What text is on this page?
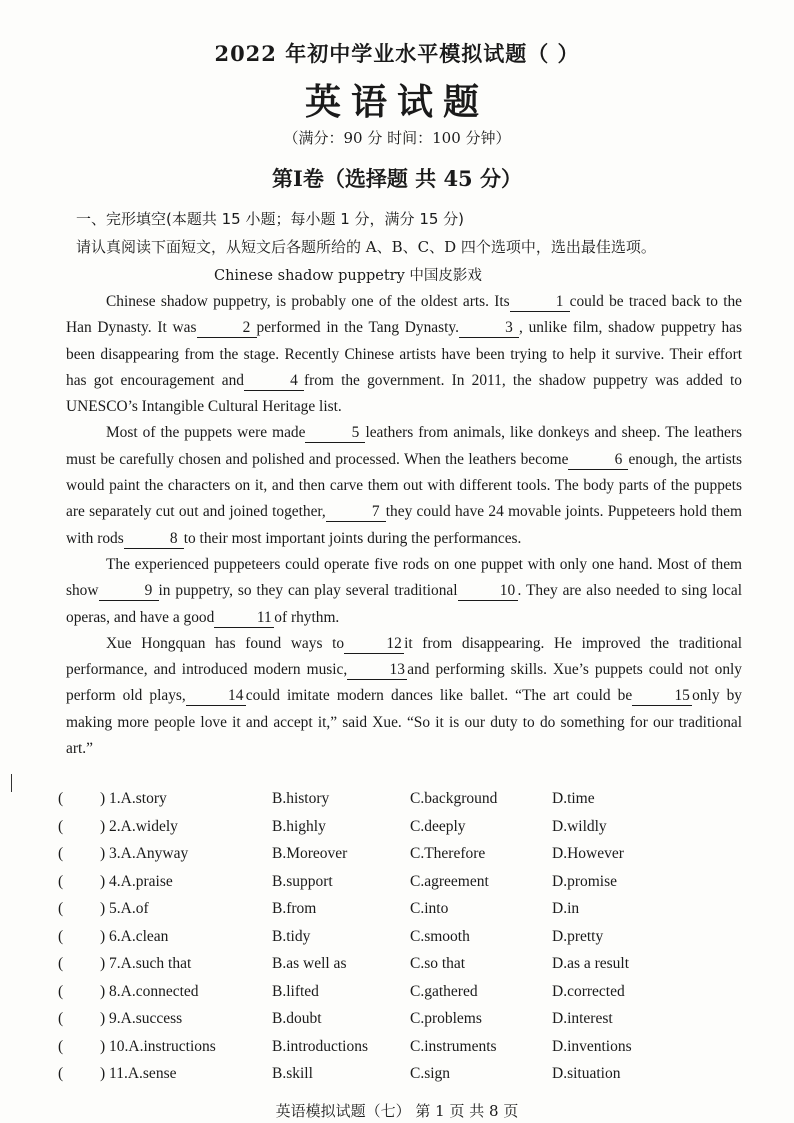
2022 年初中学业水平模拟试题（ ）
英语试题
（满分：90 分 时间：100 分钟）
第Ⅰ卷（选择题 共 45 分）
一、完形填空(本题共 15 小题；每小题 1 分，满分 15 分)
请认真阅读下面短文，从短文后各题所给的 A、B、C、D 四个选项中，选出最佳选项。
Chinese shadow puppetry 中国皮影戏

Chinese shadow puppetry, is probably one of the oldest arts. Its	1 could be traced back to the Han Dynasty. It was	2 performed in the Tang Dynasty.	3 , unlike film, shadow puppetry has been disappearing from the stage. Recently Chinese artists have been trying to help it survive. Their effort has got encouragement and	4 from the government. In 2011, the shadow puppetry was added to UNESCO’s Intangible Cultural Heritage list.

Most of the puppets were made	5 leathers from animals, like donkeys and sheep. The leathers must be carefully chosen and polished and processed. When the leathers become	6 enough, the artists would paint the characters on it, and then carve them out with different tools. The body parts of the puppets are separately cut out and joined together,	7 they could have 24 movable joints. Puppeteers hold them with rods	8 to their most important joints during the performances.

The experienced puppeteers could operate five rods on one puppet with only one hand. Most of them show	9 in puppetry, so they can play several traditional	10 . They are also needed to sing local operas, and have a good	11 of rhythm.

Xue Hongquan has found ways to	12 it from disappearing. He improved the traditional performance, and introduced modern music,	13 and performing skills. Xue’s puppets could not only perform old plays,	14 could imitate modern dances like ballet. “The art could be	15 only by making more people love it and accept it,” said Xue. “So it is our duty to do something for our traditional art.”

( ) 1.A.story	B.history	C.background	D.time
( ) 2.A.widely	B.highly	C.deeply	D.wildly
( ) 3.A.Anyway	B.Moreover	C.Therefore	D.However
( ) 4.A.praise	B.support	C.agreement	D.promise
( ) 5.A.of	B.from	C.into	D.in
( ) 6.A.clean	B.tidy	C.smooth	D.pretty
( ) 7.A.such that	B.as well as	C.so that	D.as a result
( ) 8.A.connected	B.lifted	C.gathered	D.corrected
( ) 9.A.success	B.doubt	C.problems	D.interest
( ) 10.A.instructions	B.introductions	C.instruments	D.inventions
( ) 11.A.sense	B.skill	C.sign	D.situation
英语模拟试题（七） 第 1 页 共 8 页
